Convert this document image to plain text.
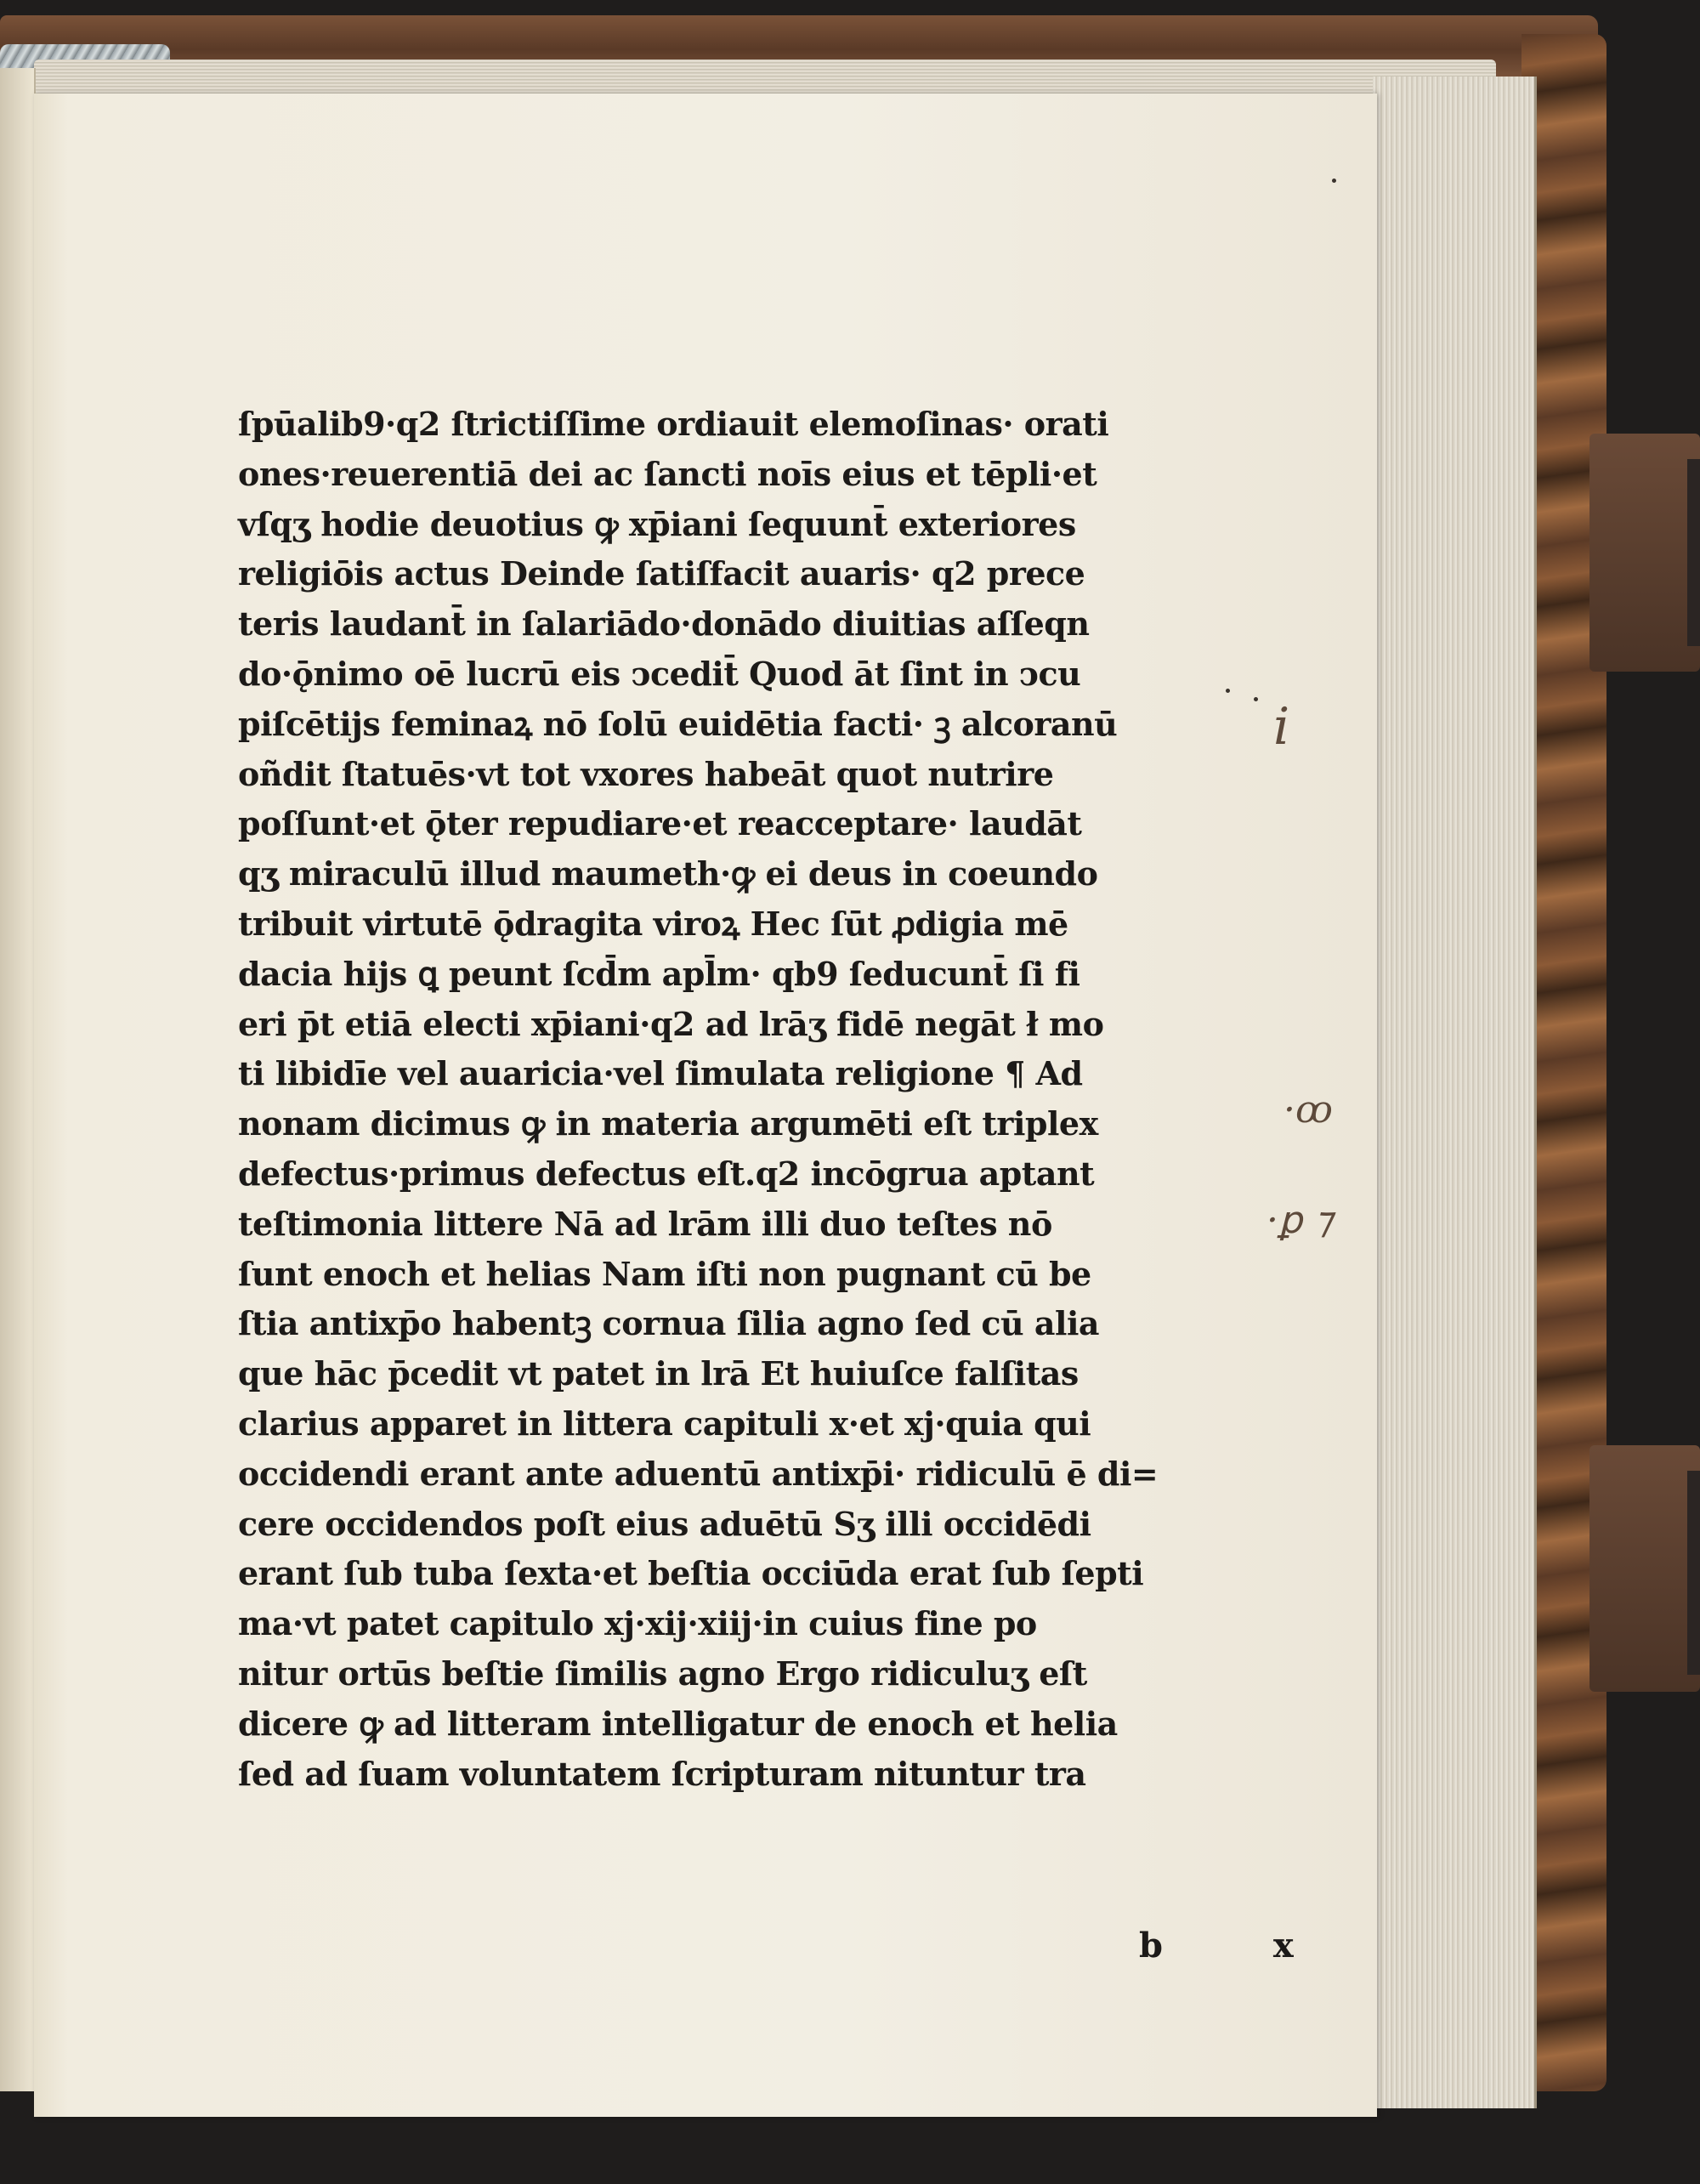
ſpūalib9·q2 ſtrictiſſime ordiauit elemoſinas· orati
ones·reuerentiā dei ac ſancti noīs eius et tēpli·et
vſqʒ hodie deuotius ꝙ xp̄iani ſequunt̄ exteriores
religiōis actus Deinde ſatiſfacit auaris· q2 prece
teris laudant̄ in ſalariādo·donādo diuitias aſſeqn
do·ǭnimo oē lucrū eis ↄcedit̄ Quod āt ſint in ↄcu
piſcētijs feminaꝝ nō ſolū euidētia facti· ꝫ alcoranū
oñdit ſtatuēs·vt tot vxores habeāt quot nutrire
poſſunt·et ǭter repudiare·et reacceptare· laudāt
qʒ miraculū illud maumeth·ꝙ ei deus in coeundo
tribuit virtutē ǭdragita viroꝝ Hec ſūt ꝓdigia mē
dacia hijs ꝗ peunt ſcd̄m apl̄m· qb9 ſeducunt̄ ſi fi
eri p̄t etiā electi xp̄iani·q2 ad lrāʒ fidē negāt ł mo
ti libidīe vel auaricia·vel ſimulata religione ¶ Ad
nonam dicimus ꝙ in materia argumēti eſt triplex
defectus·primus defectus eſt.q2 incōgrua aptant
teſtimonia littere Nā ad lrām illi duo teſtes nō
ſunt enoch et helias Nam iſti non pugnant cū be
ſtia antixp̄o habentꝫ cornua ſilia agno ſed cū alia
que hāc p̄cedit vt patet in lrā Et huiuſce falſitas
clarius apparet in littera capituli x·et xj·quia qui
occidendi erant ante aduentū antixp̄i· ridiculū ē di=
cere occidendos poſt eius aduētū Sʒ illi occidēdi
erant ſub tuba ſexta·et beſtia occiūda erat ſub ſepti
ma·vt patet capitulo xj·xij·xiij·in cuius fine po
nitur ortūs beſtie ſimilis agno Ergo ridiculuʒ eſt
dicere ꝙ ad litteram intelligatur de enoch et helia
ſed ad ſuam voluntatem ſcripturam nituntur tra
b x
ⅰ
·ꝏ
·ꝑ ⁊
